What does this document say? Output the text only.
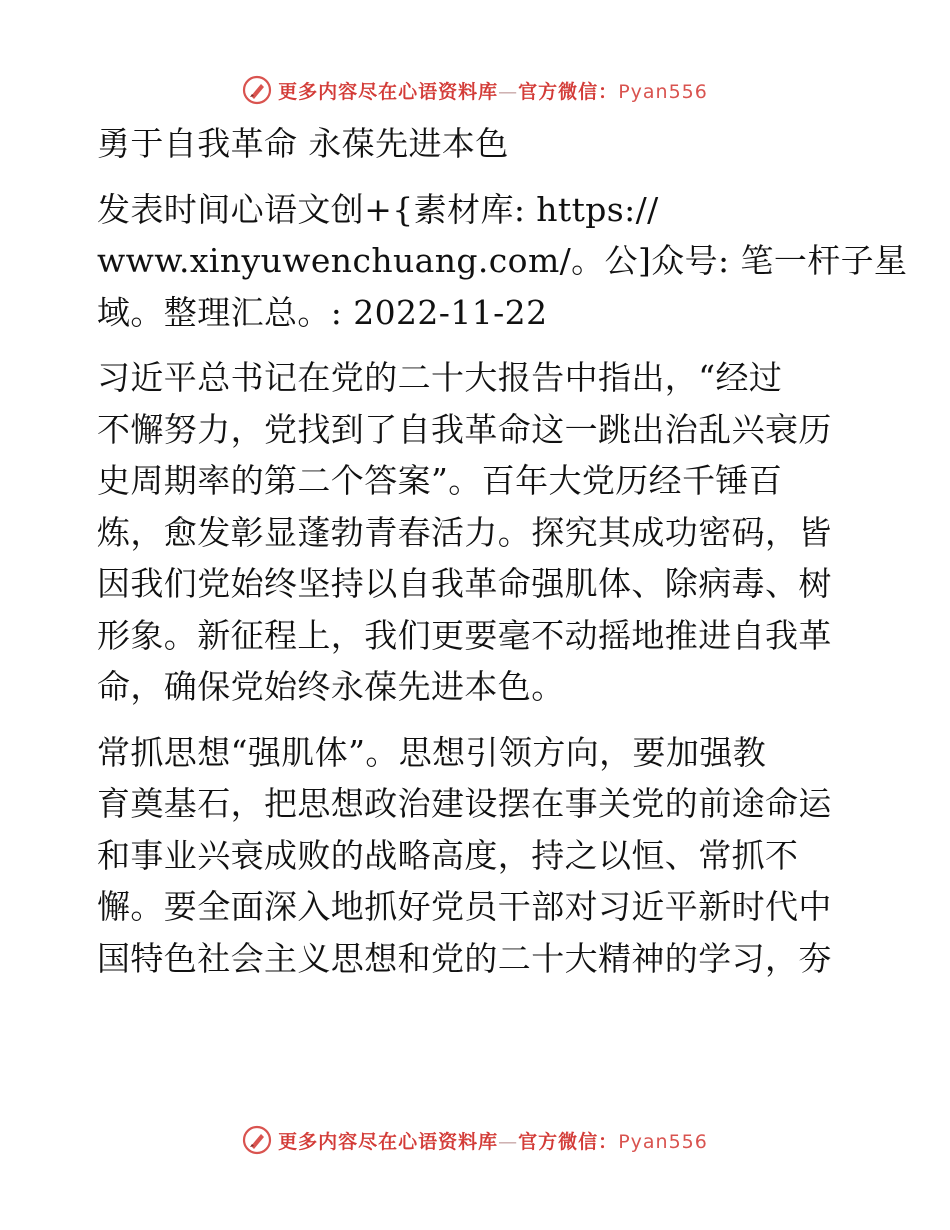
更多内容尽在心语资料库—官方微信：Pyan556
勇于自我革命 永葆先进本色
发表时间心语文创+{素材库: https://
www.xinyuwenchuang.com/。公]众号: 笔一杆子星
域。整理汇总。: 2022-11-22
习近平总书记在党的二十大报告中指出，“经过
不懈努力，党找到了自我革命这一跳出治乱兴衰历
史周期率的第二个答案”。百年大党历经千锤百
炼，愈发彰显蓬勃青春活力。探究其成功密码，皆
因我们党始终坚持以自我革命强肌体、除病毒、树
形象。新征程上，我们更要毫不动摇地推进自我革
命，确保党始终永葆先进本色。
常抓思想“强肌体”。思想引领方向，要加强教
育奠基石，把思想政治建设摆在事关党的前途命运
和事业兴衰成败的战略高度，持之以恒、常抓不
懈。要全面深入地抓好党员干部对习近平新时代中
国特色社会主义思想和党的二十大精神的学习，夯
更多内容尽在心语资料库—官方微信：Pyan556
